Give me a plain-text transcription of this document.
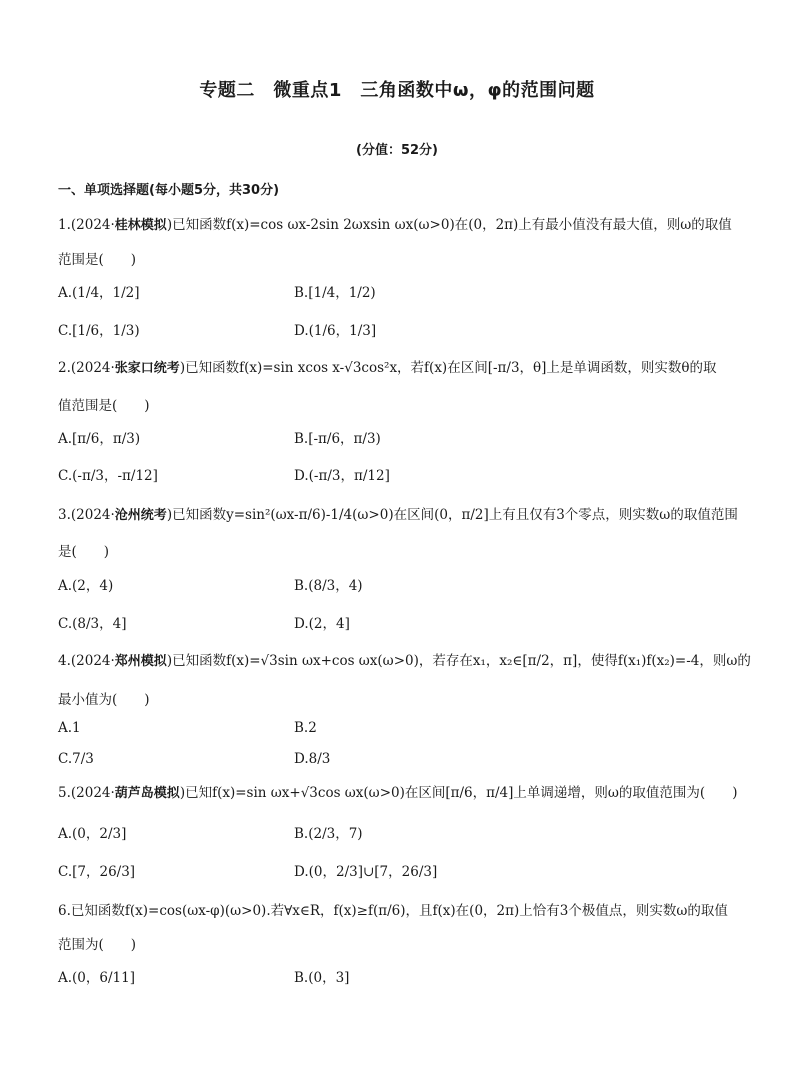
专题二　微重点1　三角函数中ω，φ的范围问题
(分值：52分)
一、单项选择题(每小题5分，共30分)
1.(2024·桂林模拟)已知函数f(x)=cos ωx-2sin 2ωxsin ωx(ω>0)在(0，2π)上有最小值没有最大值，则ω的取值
范围是(　　)
A.(1/4，1/2]	B.[1/4，1/2)
C.[1/6，1/3)	D.(1/6，1/3]
2.(2024·张家口统考)已知函数f(x)=sin xcos x-√3cos²x，若f(x)在区间[-π/3，θ]上是单调函数，则实数θ的取
值范围是(　　)
A.[π/6，π/3)	B.[-π/6，π/3)
C.(-π/3，-π/12]	D.(-π/3，π/12]
3.(2024·沧州统考)已知函数y=sin²(ωx-π/6)-1/4(ω>0)在区间(0，π/2]上有且仅有3个零点，则实数ω的取值范围
是(　　)
A.(2，4)	B.(8/3，4)
C.(8/3，4]	D.(2，4]
4.(2024·郑州模拟)已知函数f(x)=√3sin ωx+cos ωx(ω>0)，若存在x₁，x₂∈[π/2，π]，使得f(x₁)f(x₂)=-4，则ω的
最小值为(　　)
A.1	B.2
C.7/3	D.8/3
5.(2024·葫芦岛模拟)已知f(x)=sin ωx+√3cos ωx(ω>0)在区间[π/6，π/4]上单调递增，则ω的取值范围为(　　)
A.(0，2/3]	B.(2/3，7)
C.[7，26/3]	D.(0，2/3]∪[7，26/3]
6.已知函数f(x)=cos(ωx-φ)(ω>0).若∀x∈R，f(x)≥f(π/6)，且f(x)在(0，2π)上恰有3个极值点，则实数ω的取值
范围为(　　)
A.(0，6/11]	B.(0，3]
